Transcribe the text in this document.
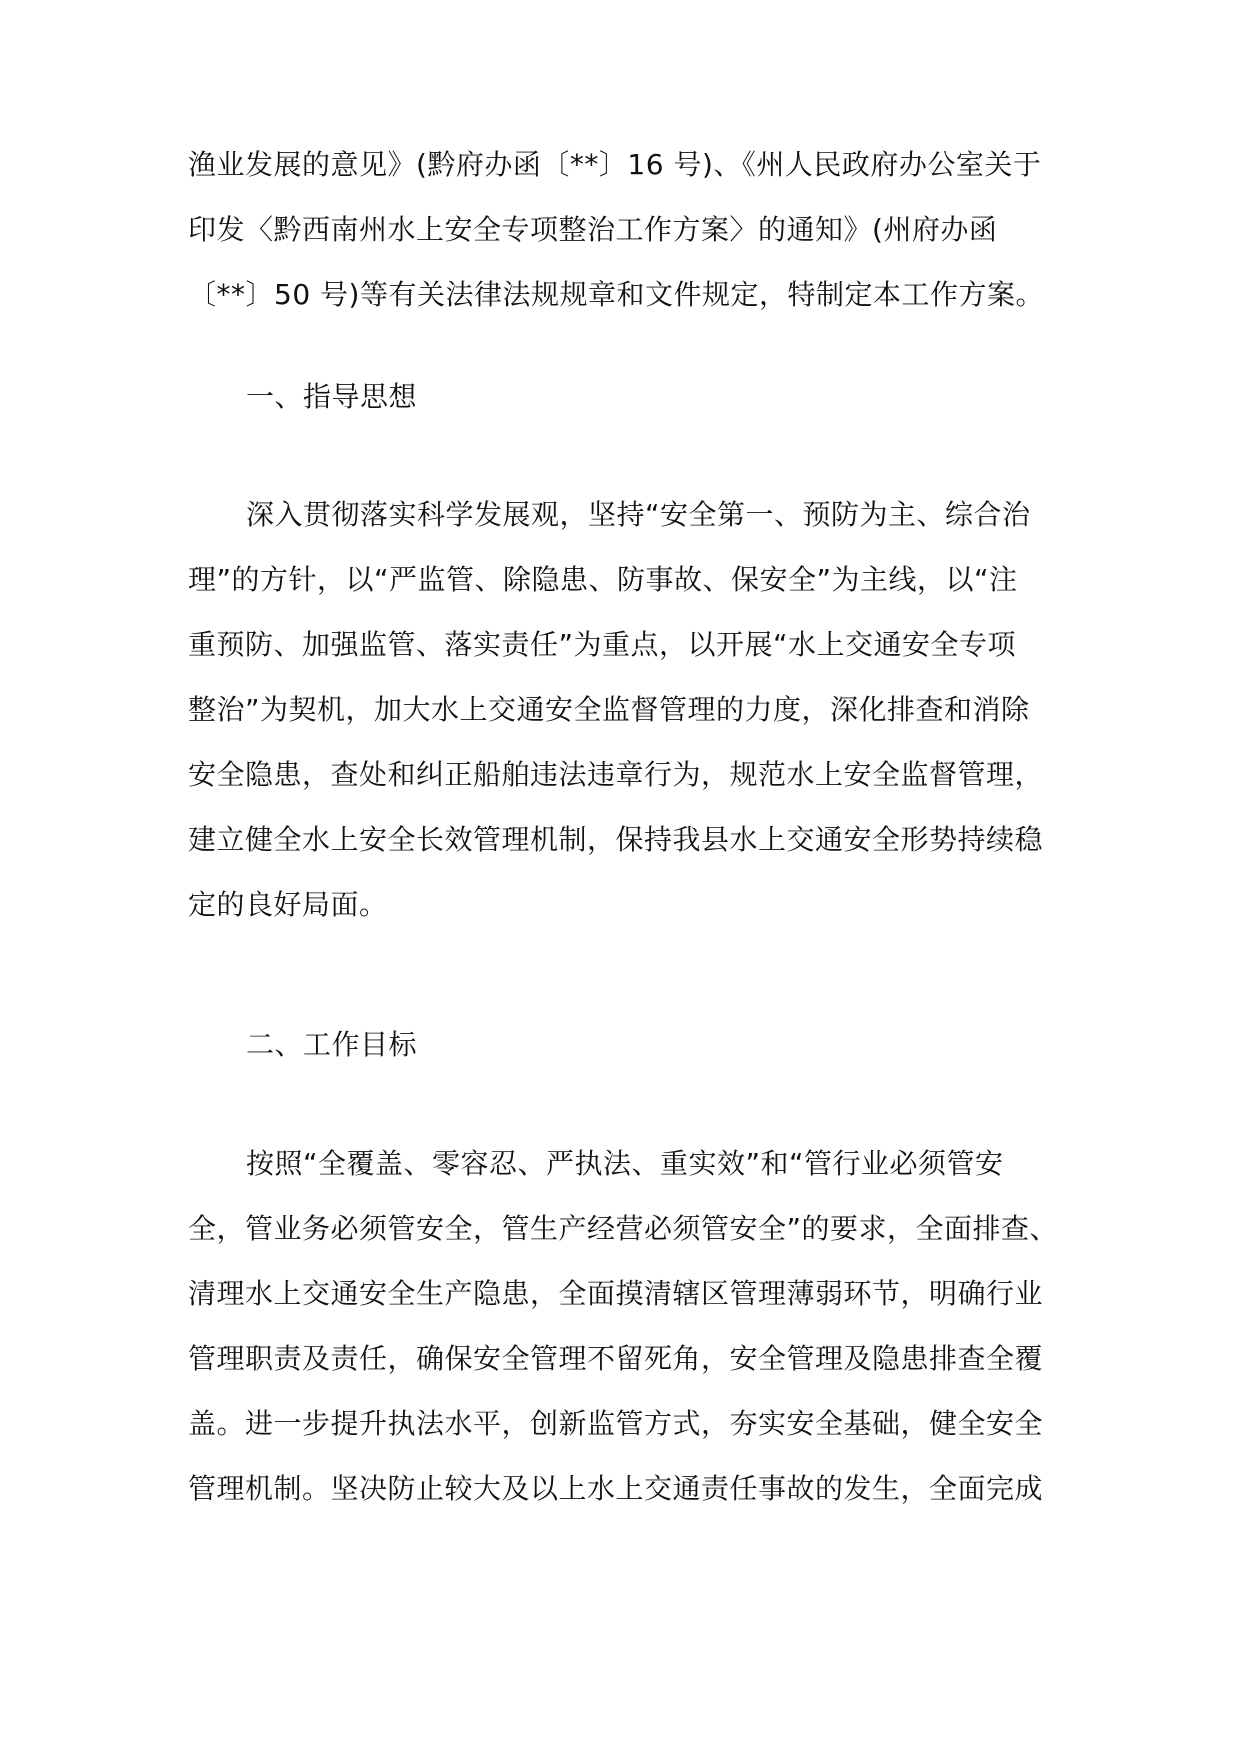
渔业发展的意见》(黔府办函〔**〕16 号)、《州人民政府办公室关于
印发〈黔西南州水上安全专项整治工作方案〉的通知》(州府办函
〔**〕50 号)等有关法律法规规章和文件规定，特制定本工作方案。
一、指导思想
深入贯彻落实科学发展观，坚持“安全第一、预防为主、综合治
理”的方针，以“严监管、除隐患、防事故、保安全”为主线，以“注
重预防、加强监管、落实责任”为重点，以开展“水上交通安全专项
整治”为契机，加大水上交通安全监督管理的力度，深化排查和消除
安全隐患，查处和纠正船舶违法违章行为，规范水上安全监督管理，
建立健全水上安全长效管理机制，保持我县水上交通安全形势持续稳
定的良好局面。
二、工作目标
按照“全覆盖、零容忍、严执法、重实效”和“管行业必须管安
全，管业务必须管安全，管生产经营必须管安全”的要求，全面排查、
清理水上交通安全生产隐患，全面摸清辖区管理薄弱环节，明确行业
管理职责及责任，确保安全管理不留死角，安全管理及隐患排查全覆
盖。进一步提升执法水平，创新监管方式，夯实安全基础，健全安全
管理机制。坚决防止较大及以上水上交通责任事故的发生，全面完成
